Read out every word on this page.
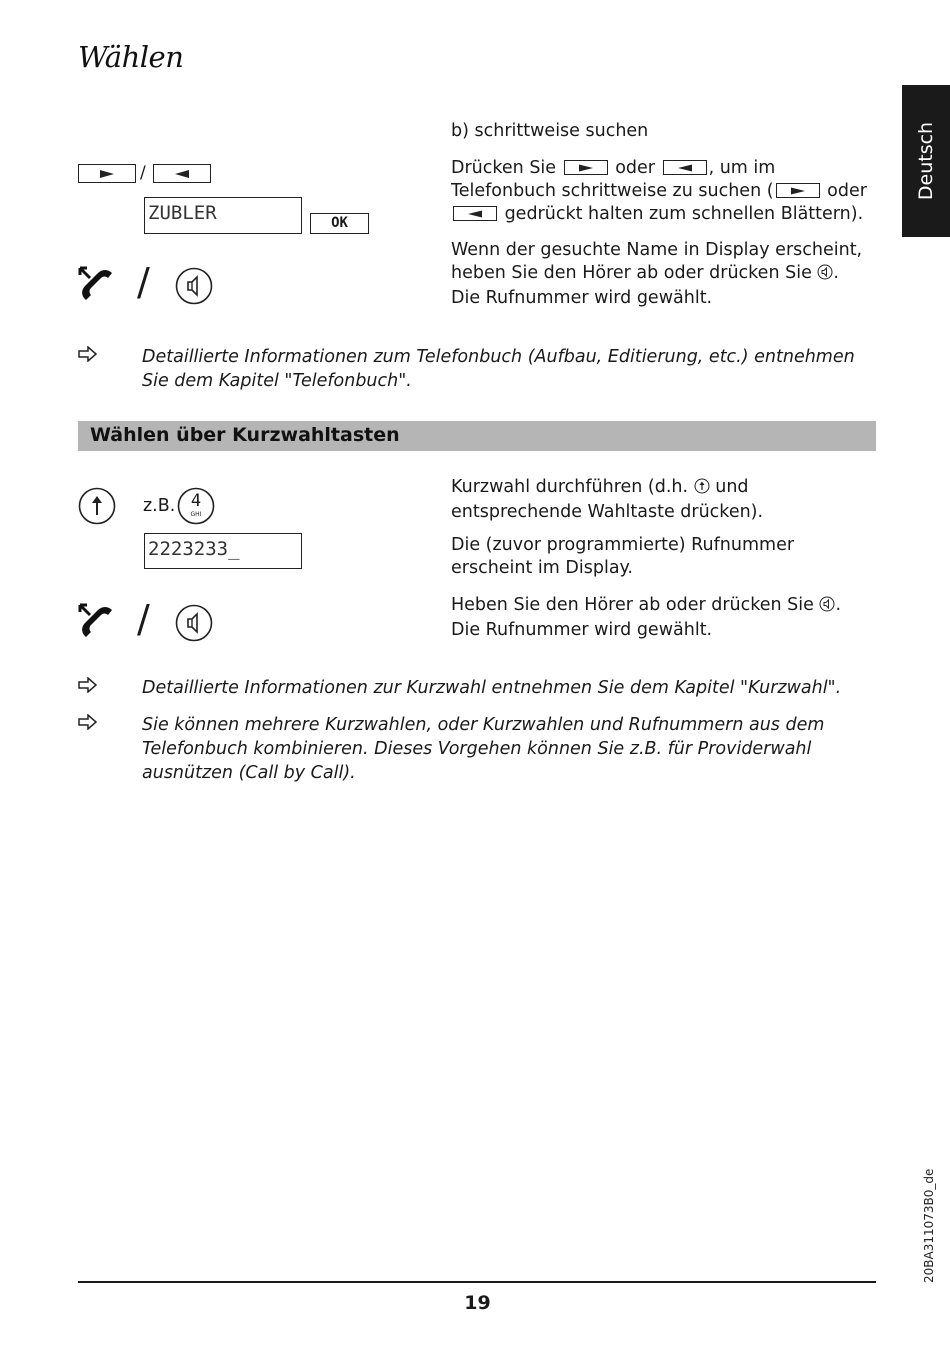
Wählen
Deutsch
/
ZUBLER	OK
/
b) schrittweise suchen

Drücken Sie	oder	, um im Telefonbuch schrittweise zu suchen (	oder
gedrückt halten zum schnellen Blättern).

Wenn der gesuchte Name in Display erscheint, heben Sie den Hörer ab oder drücken Sie .
Die Rufnummer wird gewählt.

Detaillierte Informationen zum Telefonbuch (Aufbau, Editierung, etc.) entnehmen Sie dem Kapitel "Telefonbuch".
Wählen über Kurzwahltasten
z.B. 4
GHI
2223233_
/

Kurzwahl durchführen (d.h. und entsprechende Wahltaste drücken).

Die (zuvor programmierte) Rufnummer erscheint im Display.

Heben Sie den Hörer ab oder drücken Sie .
Die Rufnummer wird gewählt.

Detaillierte Informationen zur Kurzwahl entnehmen Sie dem Kapitel "Kurzwahl".
Sie können mehrere Kurzwahlen, oder Kurzwahlen und Rufnummern aus dem Telefonbuch kombinieren. Dieses Vorgehen können Sie z.B. für Providerwahl ausnützen (Call by Call).
20BA311073B0_de
19
